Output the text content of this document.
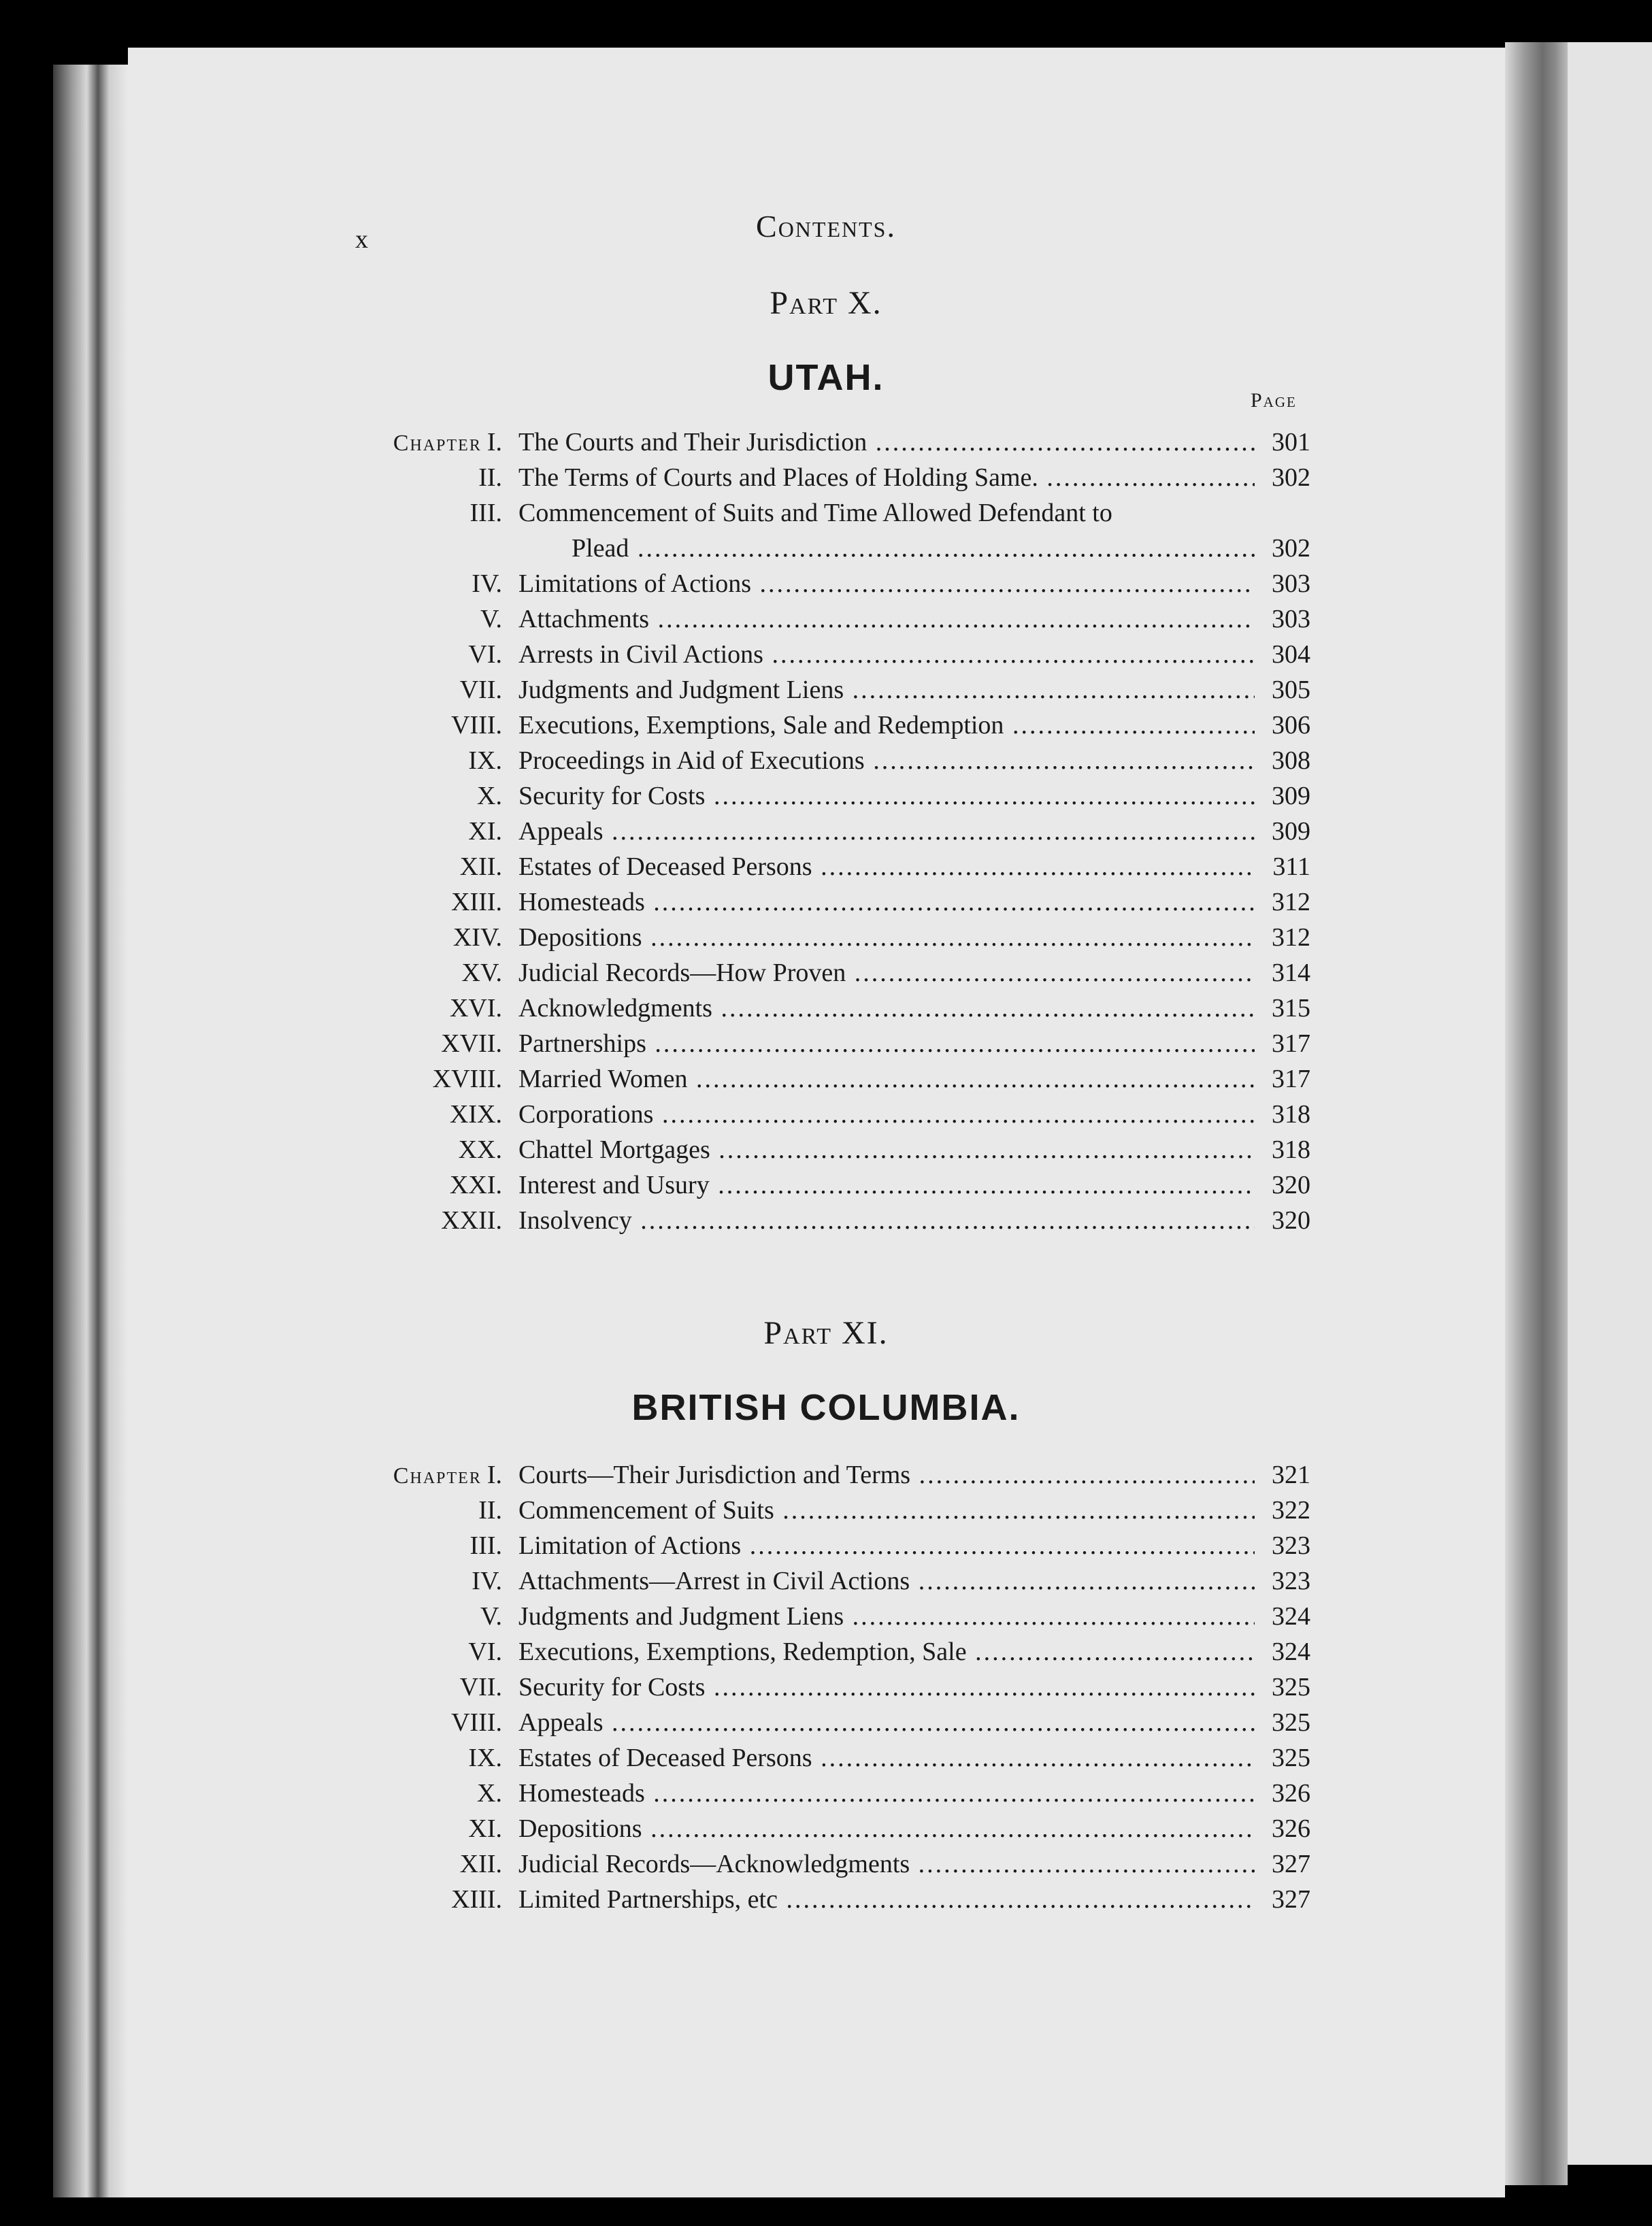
x	Contents.
Part X.
UTAH.
Page
Chapter I. The Courts and Their Jurisdiction .....	301
II. The Terms of Courts and Places of Holding Same. .....	302
III. Commencement of Suits and Time Allowed Defendant to
Plead .....	302
IV. Limitations of Actions .....	303
V. Attachments .....	303
VI. Arrests in Civil Actions .....	304
VII. Judgments and Judgment Liens .....	305
VIII. Executions, Exemptions, Sale and Redemption .....	306
IX. Proceedings in Aid of Executions .....	308
X. Security for Costs .....	309
XI. Appeals .....	309
XII. Estates of Deceased Persons .....	311
XIII. Homesteads .....	312
XIV. Depositions .....	312
XV. Judicial Records—How Proven .....	314
XVI. Acknowledgments .....	315
XVII. Partnerships .....	317
XVIII. Married Women .....	317
XIX. Corporations .....	318
XX. Chattel Mortgages .....	318
XXI. Interest and Usury .....	320
XXII. Insolvency .....	320
Part XI.
BRITISH COLUMBIA.
Chapter I. Courts—Their Jurisdiction and Terms .....	321
II. Commencement of Suits .....	322
III. Limitation of Actions .....	323
IV. Attachments—Arrest in Civil Actions .....	323
V. Judgments and Judgment Liens .....	324
VI. Executions, Exemptions, Redemption, Sale .....	324
VII. Security for Costs .....	325
VIII. Appeals .....	325
IX. Estates of Deceased Persons .....	325
X. Homesteads .....	326
XI. Depositions .....	326
XII. Judicial Records—Acknowledgments .....	327
XIII. Limited Partnerships, etc .....	327
